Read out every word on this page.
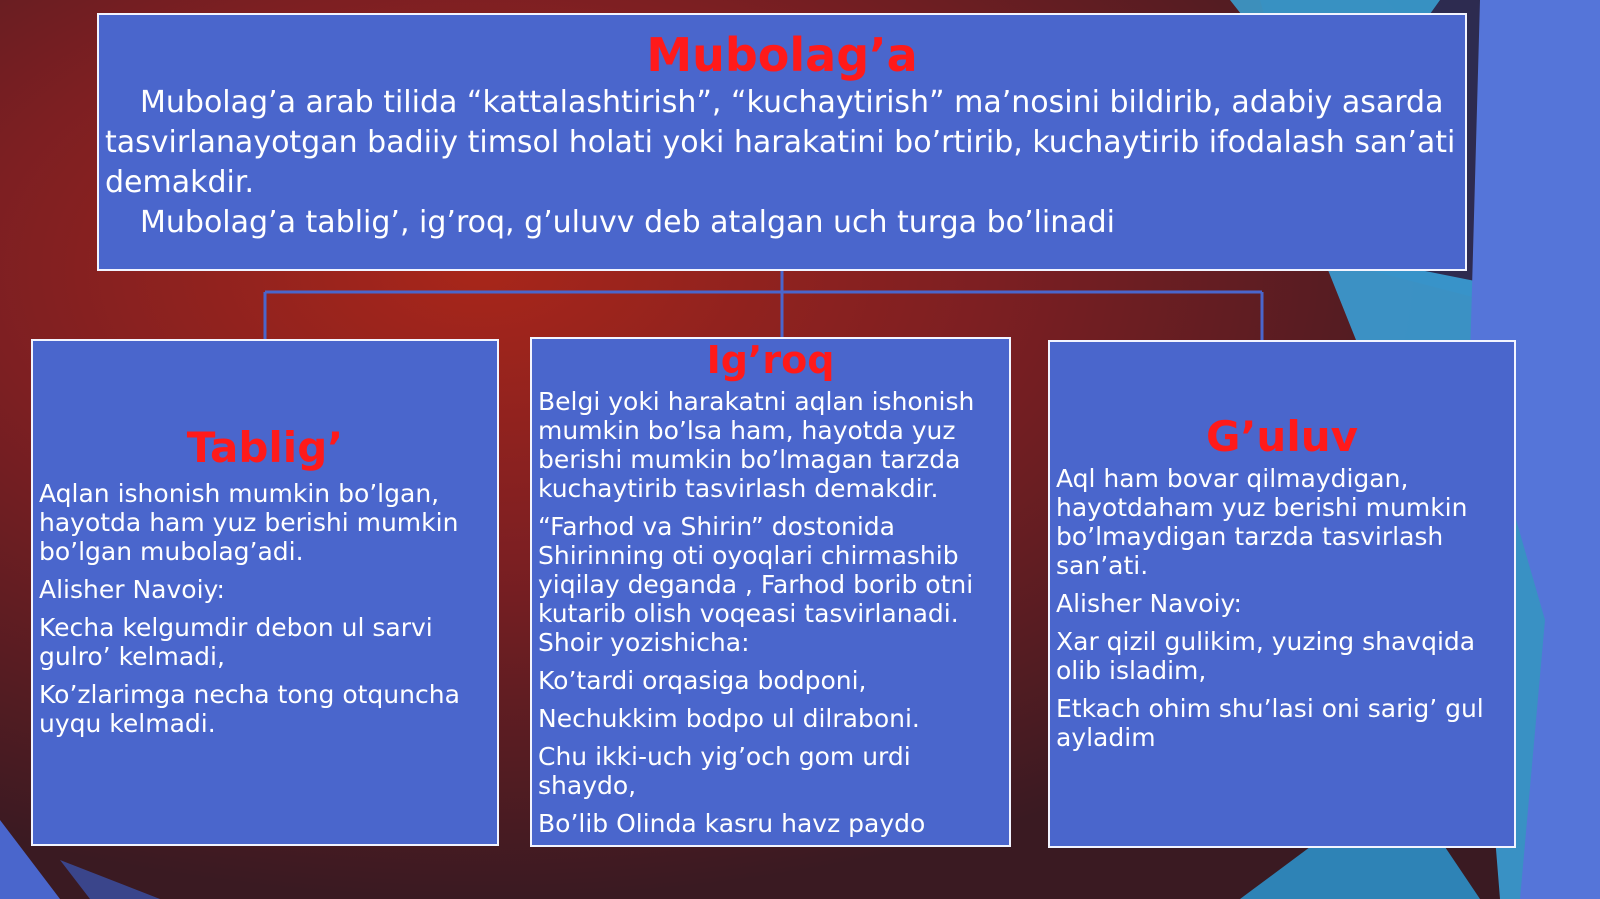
Mubolag’a

Mubolag’a arab tilida “kattalashtirish”, “kuchaytirish” ma’nosini bildirib, adabiy asarda tasvirlanayotgan badiiy timsol holati yoki harakatini bo’rtirib, kuchaytirib ifodalash san’ati demakdir.

Mubolag’a tablig’, ig’roq, g’uluvv deb atalgan uch turga bo’linadi

Tablig’

Aqlan ishonish mumkin bo’lgan, hayotda ham yuz berishi mumkin bo’lgan mubolag’adi.

Alisher Navoiy:

Kecha kelgumdir debon ul sarvi gulro’ kelmadi,

Ko’zlarimga necha tong otquncha uyqu kelmadi.

Ig’roq

Belgi yoki harakatni aqlan ishonish mumkin bo’lsa ham, hayotda yuz berishi mumkin bo’lmagan tarzda kuchaytirib tasvirlash demakdir.

“Farhod va Shirin” dostonida Shirinning oti oyoqlari chirmashib yiqilay deganda , Farhod borib otni kutarib olish voqeasi tasvirlanadi. Shoir yozishicha:

Ko’tardi orqasiga bodponi,

Nechukkim bodpo ul dilraboni.

Chu ikki-uch yig’och gom urdi shaydo,

Bo’lib Olinda kasru havz paydo

G’uluv

Aql ham bovar qilmaydigan, hayotdaham yuz berishi mumkin bo’lmaydigan tarzda tasvirlash san’ati.

Alisher Navoiy:

Xar qizil gulikim, yuzing shavqida olib isladim,

Etkach ohim shu’lasi oni sarig’ gul ayladim
